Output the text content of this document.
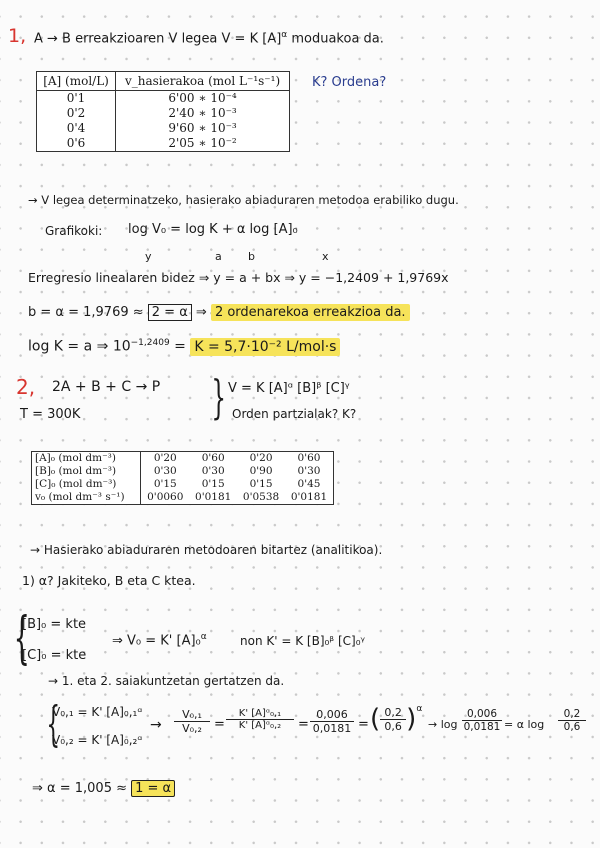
1, A → B erreakzioaren V legea V = K $[A]^\alpha$ moduakoa da.
[A] (mol/L)	v_hasierakoa (mol L⁻¹s⁻¹)
0'1	6'00 ∗ 10⁻⁴
0'2	2'40 ∗ 10⁻³
0'4	9'60 ∗ 10⁻³
0'6	2'05 ∗ 10⁻²
K? Ordena?
→ V legea determinatzeko, hasierako abiaduraren metodoa erabiliko dugu.
Grafikoki: log V₀ = log K + α log [A]₀
y	a b	x
Erregresio linealaren bidez ⇒ y = a + bx ⇒ y = −1,2409 + 1,9769x
b = α = 1,9769 ≈ 2 = α ⇒ 2 ordenarekoa erreakzioa da.
log K = a ⇒ $10^{-1,2409} = K = 5,7\cdot 10^{-2}$ L/mol·s
2, 2A + B + C → P
T = 300K	} V = K [A]ᵅ [B]ᵝ [C]ᵞ
Orden partzialak? K?
[A]₀ (mol dm⁻³)	0'20	0'60	0'20	0'60
[B]₀ (mol dm⁻³)	0'30	0'30	0'90	0'30
[C]₀ (mol dm⁻³)	0'15	0'15	0'15	0'45
v₀ (mol dm⁻³ s⁻¹)	0'0060	0'0181	0'0538	0'0181
→ Hasierako abiaduraren metodoaren bitartez (analitikoa).
1) α? Jakiteko, B eta C ktea.
{
[B]₀ = kte
[C]₀ = kte
⇒ V₀ = K' [A]₀$^\alpha$	non K' = K [B]₀ᵝ [C]₀ᵞ
→ 1. eta 2. saiakuntzetan gertatzen da.
{
V₀,₁ = K' [A]₀,₁ᵅ
V₀,₂ = K' [A]₀,₂ᵅ
→ $\frac{\text{V₀,₁}}{\text{V₀,₂}} = \frac{\text{K' [A]ᵅ₀,₁}}{\text{K' [A]ᵅ₀,₂}} = \frac{0,006}{0,0181}$ = ( $\frac{0,2}{0,6} )^\alpha$
→ $\log \frac{0,006}{0,0181} = \alpha$ $\log \frac{0,2}{0,6}$
⇒ α = 1,005 ≈ 1 = α
